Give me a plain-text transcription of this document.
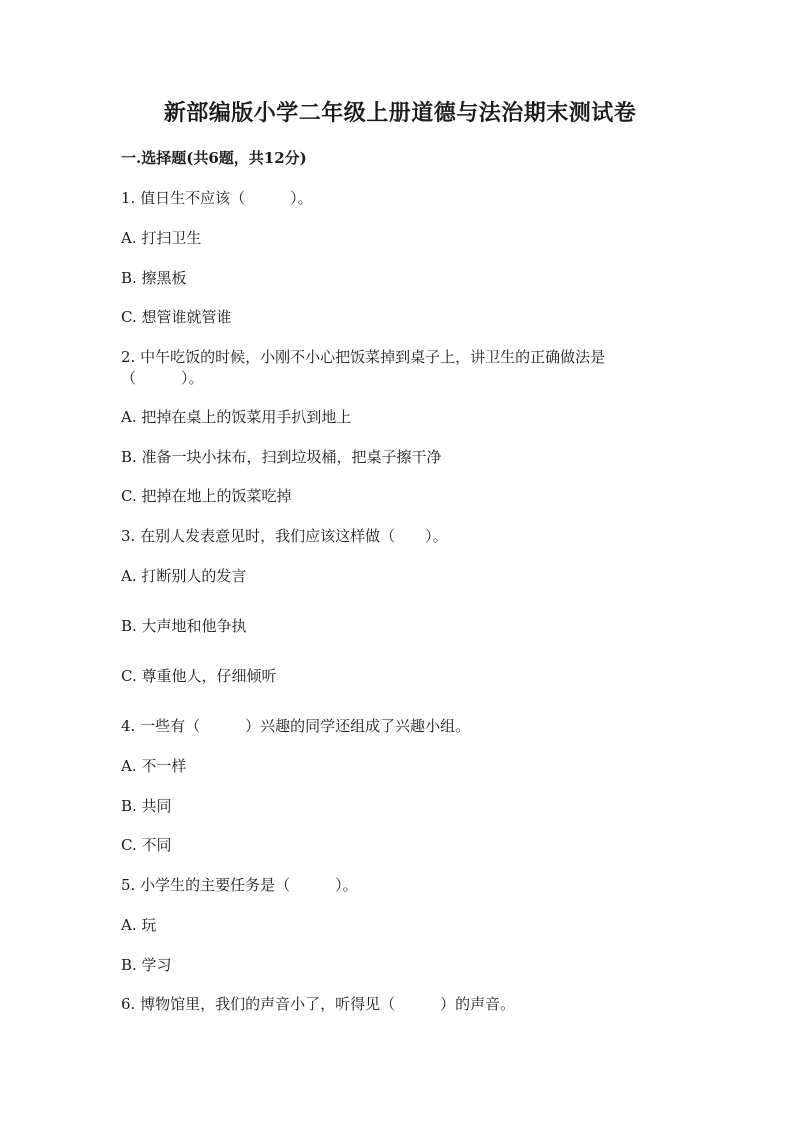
新部编版小学二年级上册道德与法治期末测试卷
一.选择题(共6题，共12分)
1. 值日生不应该（　　　）。
A. 打扫卫生
B. 擦黑板
C. 想管谁就管谁
2. 中午吃饭的时候，小刚不小心把饭菜掉到桌子上，讲卫生的正确做法是
（　　　）。
A. 把掉在桌上的饭菜用手扒到地上
B. 准备一块小抹布，扫到垃圾桶，把桌子擦干净
C. 把掉在地上的饭菜吃掉
3. 在别人发表意见时，我们应该这样做（　　）。
A. 打断别人的发言
B. 大声地和他争执
C. 尊重他人，仔细倾听
4. 一些有（　　　）兴趣的同学还组成了兴趣小组。
A. 不一样
B. 共同
C. 不同
5. 小学生的主要任务是（　　　）。
A. 玩
B. 学习
6. 博物馆里，我们的声音小了，听得见（　　　）的声音。
